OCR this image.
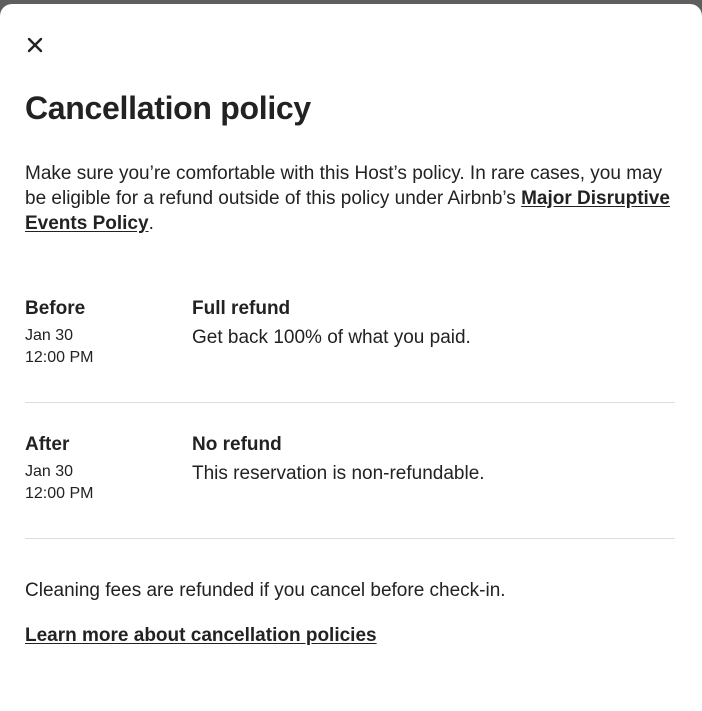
Cancellation policy

Make sure you’re comfortable with this Host’s policy. In rare cases, you may be eligible for a refund outside of this policy under Airbnb’s Major Disruptive Events Policy.

Before
Jan 30
12:00 PM
Full refund
Get back 100% of what you paid.
After
Jan 30
12:00 PM
No refund
This reservation is non-refundable.

Cleaning fees are refunded if you cancel before check-in.

Learn more about cancellation policies
